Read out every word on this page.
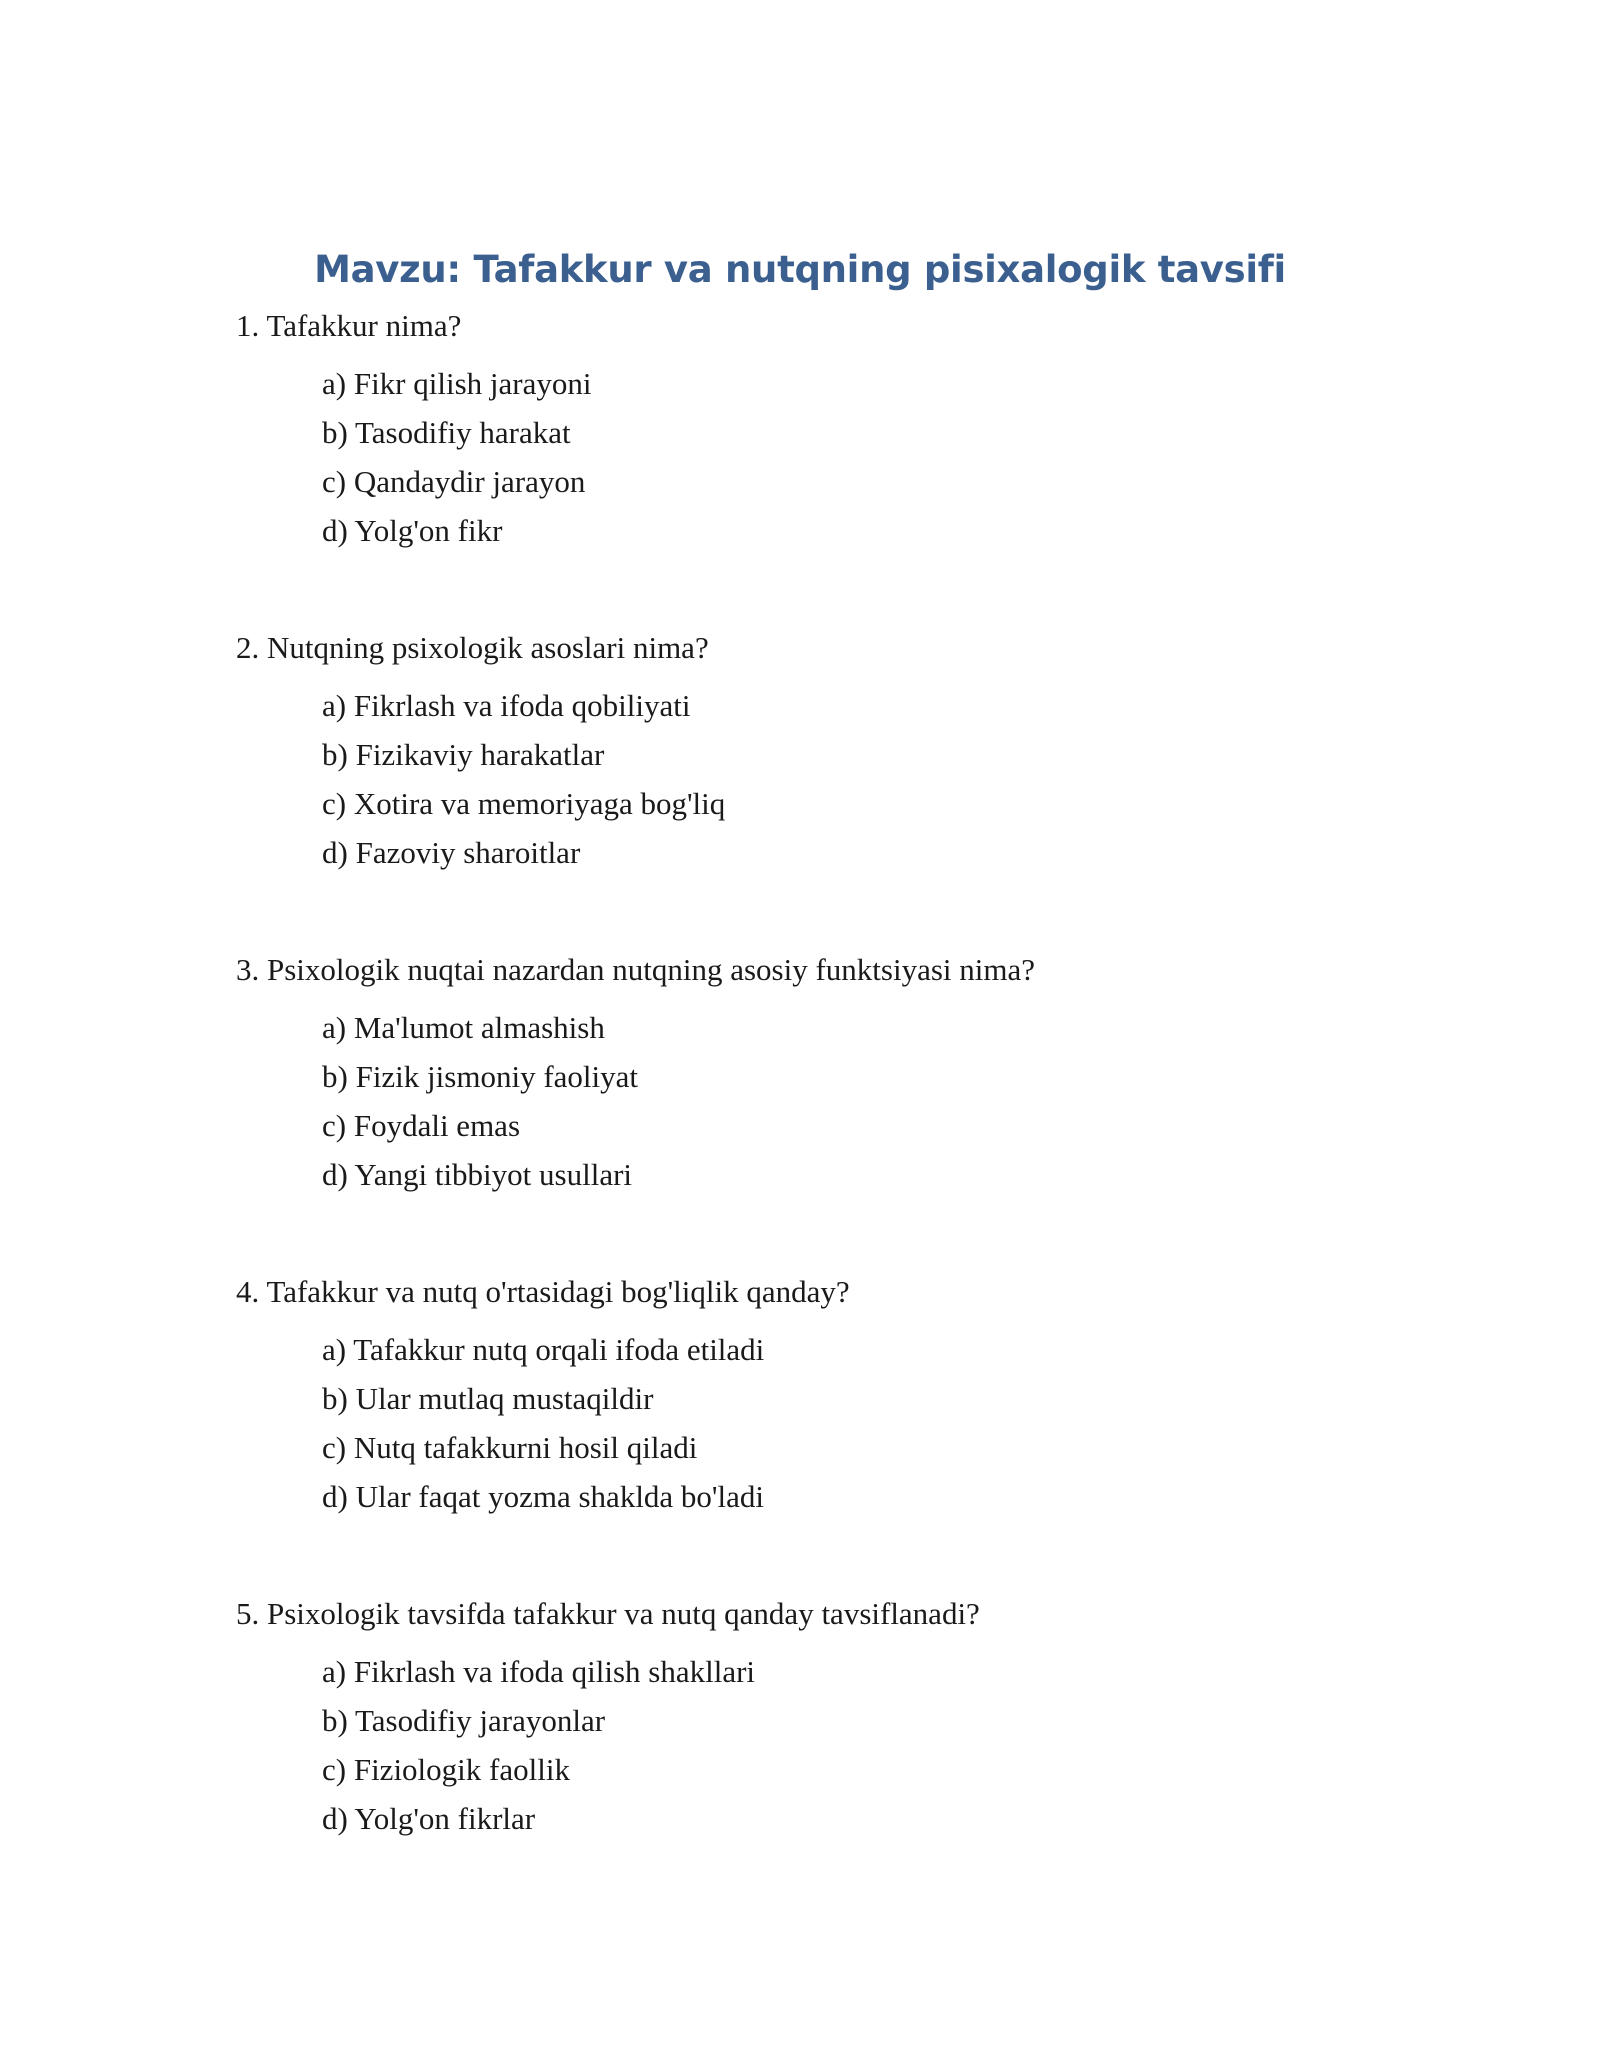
Mavzu: Tafakkur va nutqning pisixalogik tavsifi

1. Tafakkur nima?

a) Fikr qilish jarayoni
b) Tasodifiy harakat
c) Qandaydir jarayon
d) Yolg'on fikr

2. Nutqning psixologik asoslari nima?

a) Fikrlash va ifoda qobiliyati
b) Fizikaviy harakatlar
c) Xotira va memoriyaga bog'liq
d) Fazoviy sharoitlar

3. Psixologik nuqtai nazardan nutqning asosiy funktsiyasi nima?

a) Ma'lumot almashish
b) Fizik jismoniy faoliyat
c) Foydali emas
d) Yangi tibbiyot usullari

4. Tafakkur va nutq o'rtasidagi bog'liqlik qanday?

a) Tafakkur nutq orqali ifoda etiladi
b) Ular mutlaq mustaqildir
c) Nutq tafakkurni hosil qiladi
d) Ular faqat yozma shaklda bo'ladi

5. Psixologik tavsifda tafakkur va nutq qanday tavsiflanadi?

a) Fikrlash va ifoda qilish shakllari
b) Tasodifiy jarayonlar
c) Fiziologik faollik
d) Yolg'on fikrlar
